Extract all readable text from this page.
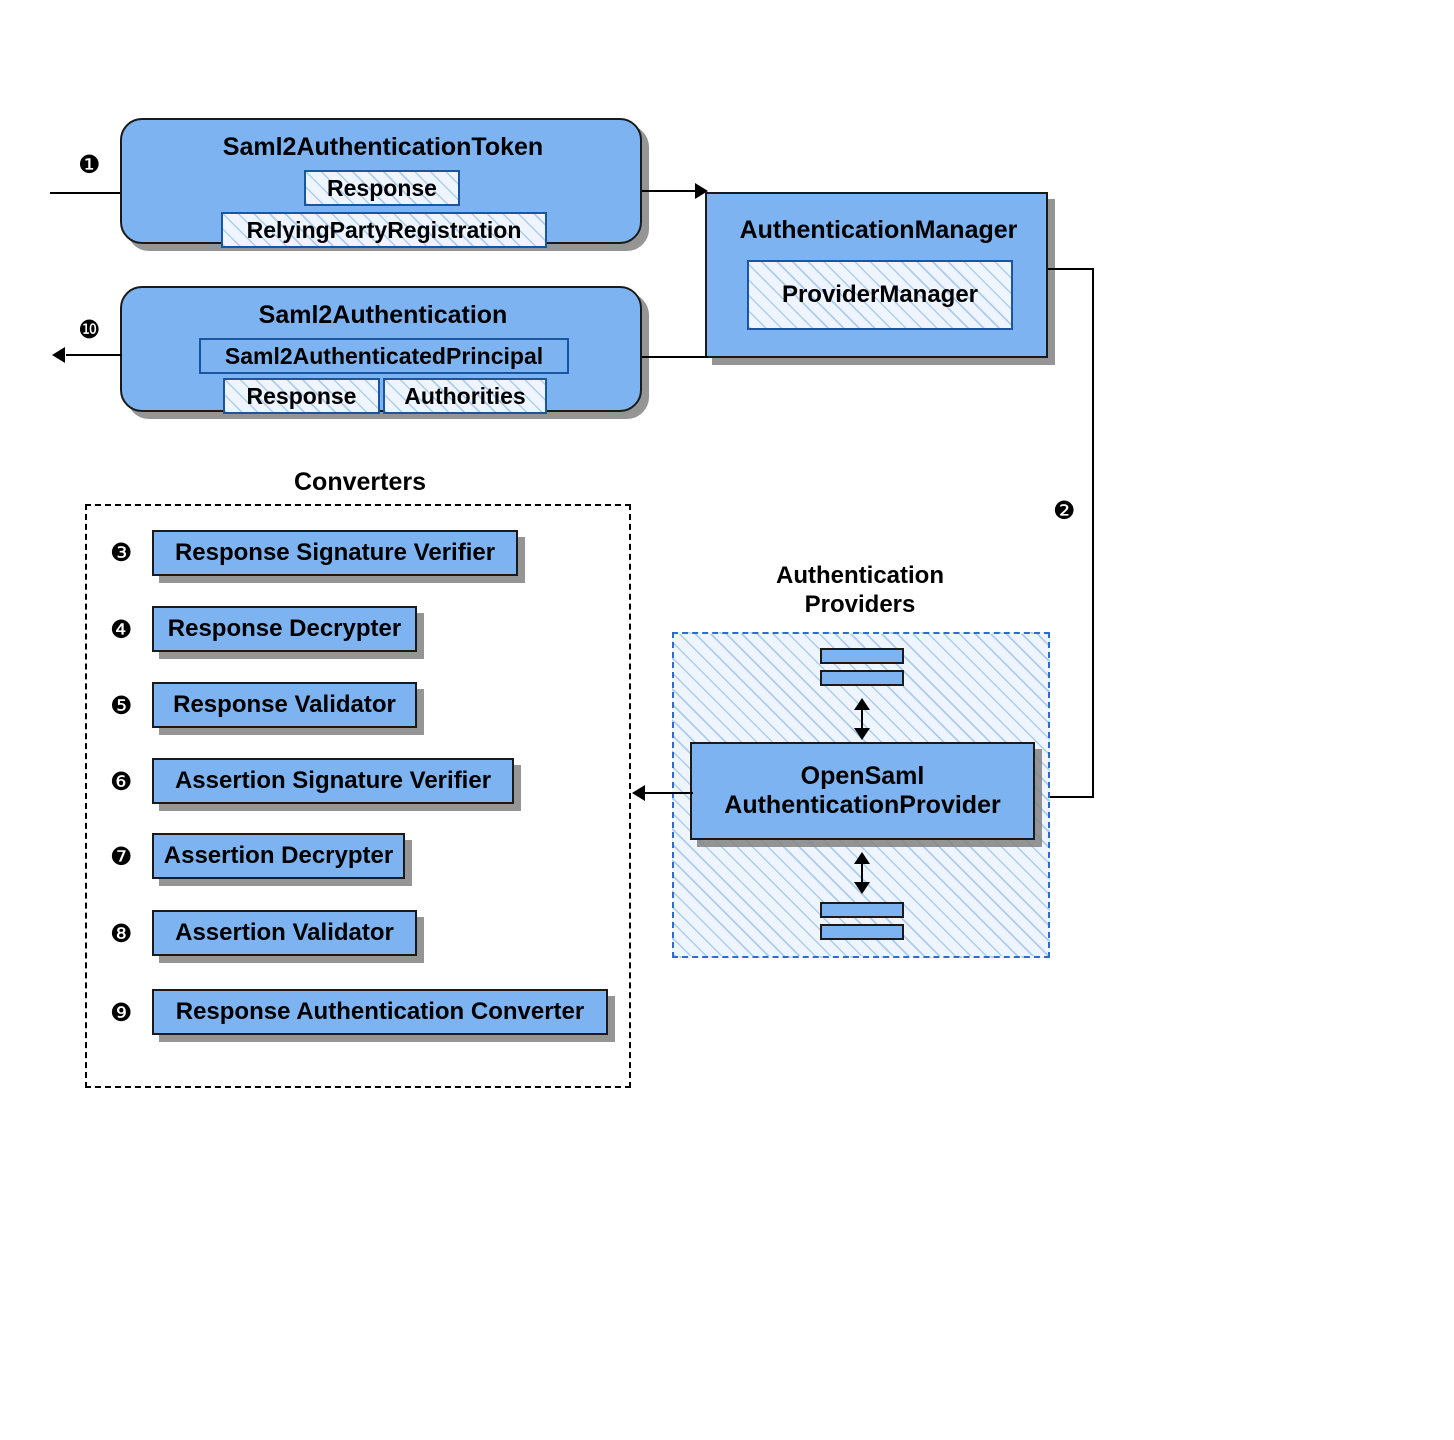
❶
Saml2AuthenticationToken
Response
RelyingPartyRegistration	AuthenticationManager
ProviderManager
Saml2Authentication
Saml2AuthenticatedPrincipal
Response	Authorities
❿
❷
Authentication
Providers
OpenSaml
AuthenticationProvider
Converters
❸	Response Signature Verifier
❹	Response Decrypter
❺	Response Validator
❻	Assertion Signature Verifier
❼	Assertion Decrypter
❽	Assertion Validator
❾	Response Authentication Converter
